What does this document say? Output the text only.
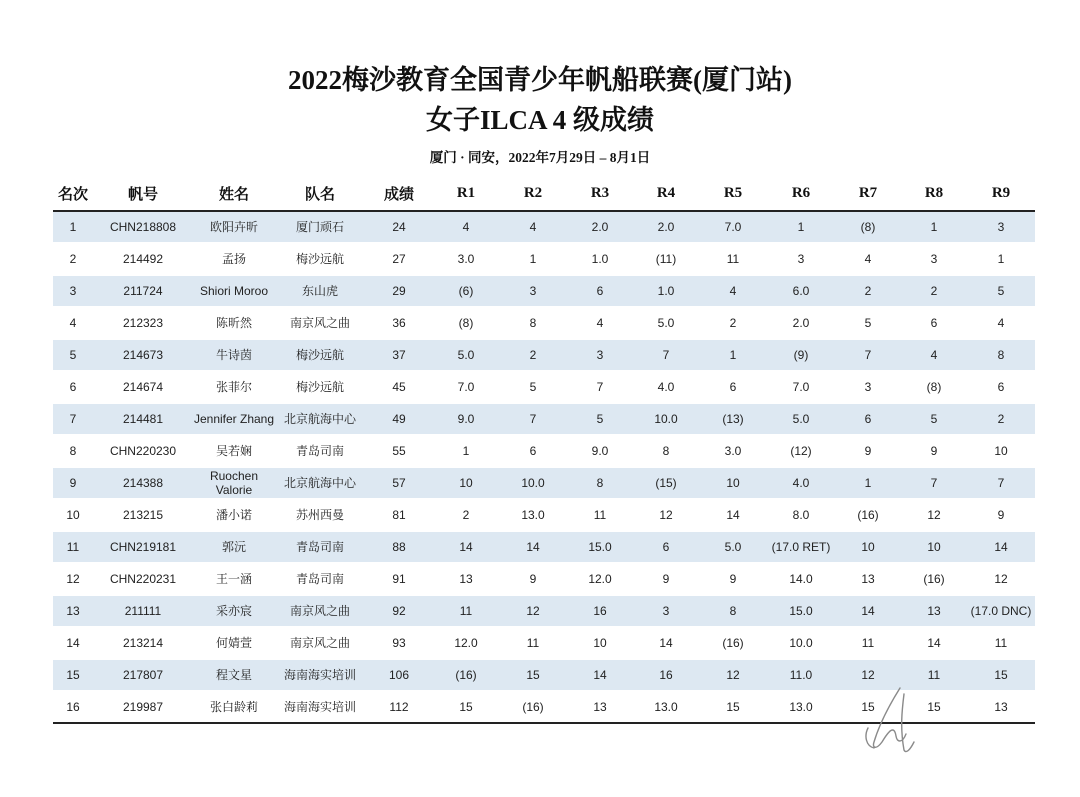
2022梅沙教育全国青少年帆船联赛(厦门站)
女子ILCA 4 级成绩
厦门 · 同安，2022年7月29日 – 8月1日
名次	帆号	姓名	队名	成绩	R1	R2	R3	R4	R5	R6	R7	R8	R9
1	CHN218808	欧阳卉昕	厦门顽石	24	4	4	2.0	2.0	7.0	1	(8)	1	3
2	214492	孟扬	梅沙远航	27	3.0	1	1.0	(11)	11	3	4	3	1
3	211724	Shiori Moroo	东山虎	29	(6)	3	6	1.0	4	6.0	2	2	5
4	212323	陈昕然	南京风之曲	36	(8)	8	4	5.0	2	2.0	5	6	4
5	214673	牛诗茵	梅沙远航	37	5.0	2	3	7	1	(9)	7	4	8
6	214674	张菲尔	梅沙远航	45	7.0	5	7	4.0	6	7.0	3	(8)	6
7	214481	Jennifer Zhang	北京航海中心	49	9.0	7	5	10.0	(13)	5.0	6	5	2
8	CHN220230	吴若娴	青岛司南	55	1	6	9.0	8	3.0	(12)	9	9	10
9	214388	Ruochen Valorie	北京航海中心	57	10	10.0	8	(15)	10	4.0	1	7	7
10	213215	潘小诺	苏州西曼	81	2	13.0	11	12	14	8.0	(16)	12	9
11	CHN219181	郭沅	青岛司南	88	14	14	15.0	6	5.0	(17.0 RET)	10	10	14
12	CHN220231	王一涵	青岛司南	91	13	9	12.0	9	9	14.0	13	(16)	12
13	211111	采亦宸	南京风之曲	92	11	12	16	3	8	15.0	14	13	(17.0 DNC)
14	213214	何婧萱	南京风之曲	93	12.0	11	10	14	(16)	10.0	11	14	11
15	217807	程文星	海南海实培训	106	(16)	15	14	16	12	11.0	12	11	15
16	219987	张白龄莉	海南海实培训	112	15	(16)	13	13.0	15	13.0	15	15	13
